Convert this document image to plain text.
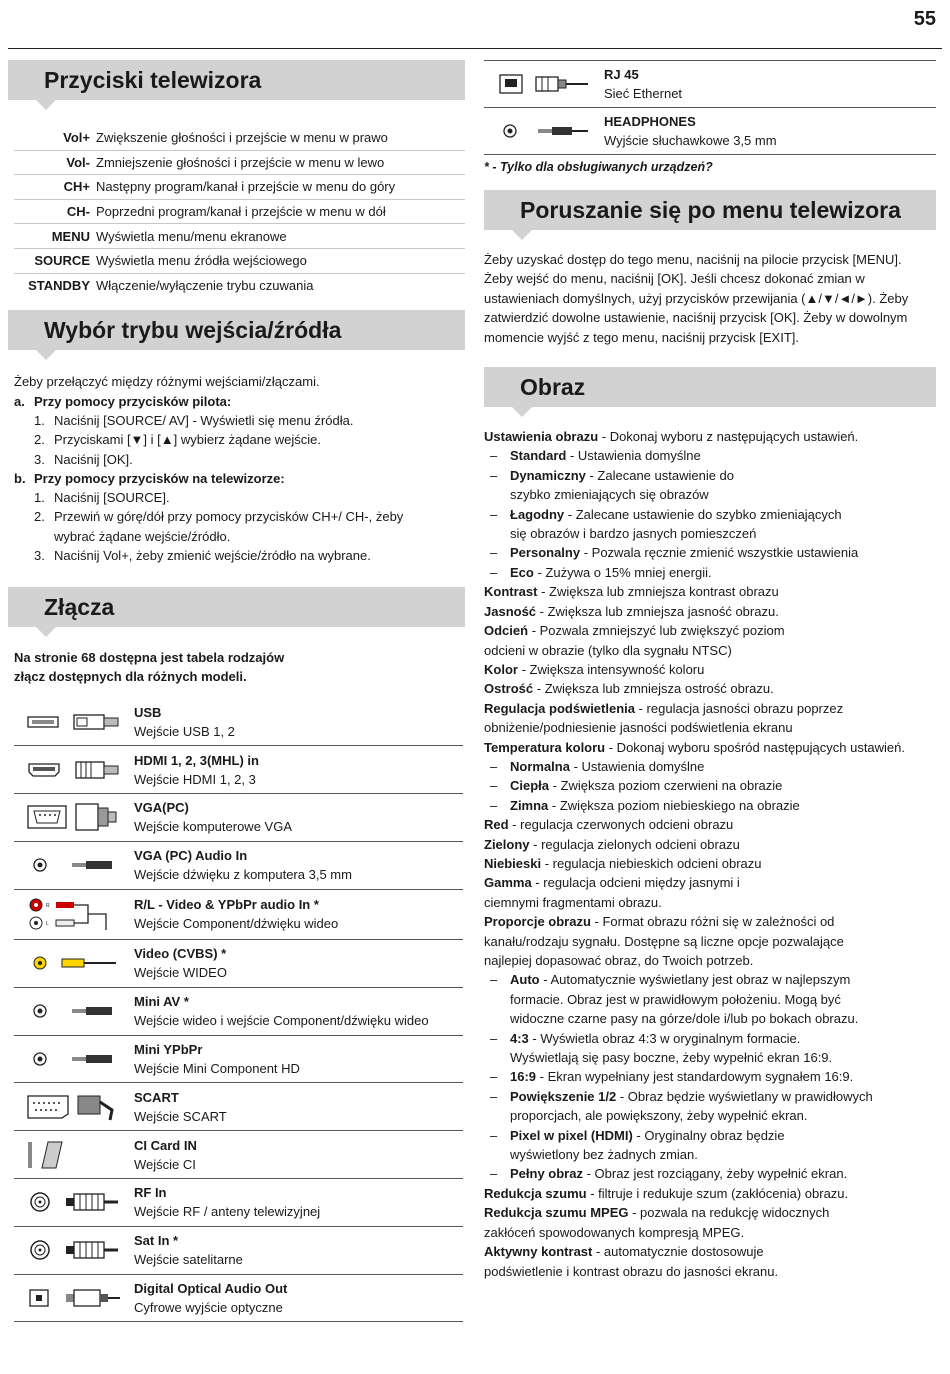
55
Przyciski telewizora
Vol+ Zwiększenie głośności i przejście w menu w prawo
Vol- Zmniejszenie głośności i przejście w menu w lewo
CH+ Następny program/kanał i przejście w menu do góry
CH- Poprzedni program/kanał i przejście w menu w dół
MENU Wyświetla menu/menu ekranowe
SOURCE Wyświetla menu źródła wejściowego
STANDBY Włączenie/wyłączenie trybu czuwania
Wybór trybu wejścia/źródła

Żeby przełączyć między różnymi wejściami/złączami.

a. Przy pomocy przycisków pilota:
1. Naciśnij [SOURCE/ AV] - Wyświetli się menu źródła.
2. Przyciskami [▼] i [▲] wybierz żądane wejście.
3. Naciśnij [OK].
b. Przy pomocy przycisków na telewizorze:
1. Naciśnij [SOURCE].
2. Przewiń w górę/dół przy pomocy przycisków CH+/ CH-, żeby
wybrać żądane wejście/źródło.
3. Naciśnij Vol+, żeby zmienić wejście/źródło na wybrane.
Złącza
Na stronie 68 dostępna jest tabela rodzajów
złącz dostępnych dla różnych modeli.
USB
Wejście USB 1, 2
HDMI 1, 2, 3(MHL) in
Wejście HDMI 1, 2, 3
VGA(PC)
Wejście komputerowe VGA
VGA (PC) Audio In
Wejście dźwięku z komputera 3,5 mm
R
L
R/L - Video & YPbPr audio In *
Wejście Component/dźwięku wideo
Video (CVBS) *
Wejście WIDEO
Mini AV *
Wejście wideo i wejście Component/dźwięku wideo
Mini YPbPr
Wejście Mini Component HD
SCART
Wejście SCART
CI Card IN
Wejście CI
RF In
Wejście RF / anteny telewizyjnej
Sat In *
Wejście satelitarne
Digital Optical Audio Out
Cyfrowe wyjście optyczne
RJ 45
Sieć Ethernet
HEADPHONES
Wyjście słuchawkowe 3,5 mm
* - Tylko dla obsługiwanych urządzeń?
Poruszanie się po menu telewizora
Żeby uzyskać dostęp do tego menu, naciśnij na pilocie przycisk [MENU].
Żeby wejść do menu, naciśnij [OK]. Jeśli chcesz dokonać zmian w
ustawieniach domyślnych, użyj przycisków przewijania (▲/▼/◄/►). Żeby
zatwierdzić dowolne ustawienie, naciśnij przycisk [OK]. Żeby w dowolnym
momencie wyjść z tego menu, naciśnij przycisk [EXIT].
Obraz
Ustawienia obrazu - Dokonaj wyboru z następujących ustawień.
– Standard - Ustawienia domyślne
– Dynamiczny - Zalecane ustawienie do
szybko zmieniających się obrazów
– Łagodny - Zalecane ustawienie do szybko zmieniających
się obrazów i bardzo jasnych pomieszczeń
– Personalny - Pozwala ręcznie zmienić wszystkie ustawienia
– Eco - Zużywa o 15% mniej energii.
Kontrast - Zwiększa lub zmniejsza kontrast obrazu
Jasność - Zwiększa lub zmniejsza jasność obrazu.
Odcień - Pozwala zmniejszyć lub zwiększyć poziom
odcieni w obrazie (tylko dla sygnału NTSC)
Kolor - Zwiększa intensywność koloru
Ostrość - Zwiększa lub zmniejsza ostrość obrazu.
Regulacja podświetlenia - regulacja jasności obrazu poprzez
obniżenie/podniesienie jasności podświetlenia ekranu
Temperatura koloru - Dokonaj wyboru spośród następujących ustawień.
– Normalna - Ustawienia domyślne
– Ciepła - Zwiększa poziom czerwieni na obrazie
– Zimna - Zwiększa poziom niebieskiego na obrazie
Red - regulacja czerwonych odcieni obrazu
Zielony - regulacja zielonych odcieni obrazu
Niebieski - regulacja niebieskich odcieni obrazu
Gamma - regulacja odcieni między jasnymi i
ciemnymi fragmentami obrazu.
Proporcje obrazu - Format obrazu różni się w zależności od
kanału/rodzaju sygnału. Dostępne są liczne opcje pozwalające
najlepiej dopasować obraz, do Twoich potrzeb.
– Auto - Automatycznie wyświetlany jest obraz w najlepszym
formacie. Obraz jest w prawidłowym położeniu. Mogą być
widoczne czarne pasy na górze/dole i/lub po bokach obrazu.
– 4:3 - Wyświetla obraz 4:3 w oryginalnym formacie.
Wyświetlają się pasy boczne, żeby wypełnić ekran 16:9.
– 16:9 - Ekran wypełniany jest standardowym sygnałem 16:9.
– Powiększenie 1/2 - Obraz będzie wyświetlany w prawidłowych
proporcjach, ale powiększony, żeby wypełnić ekran.
– Pixel w pixel (HDMI) - Oryginalny obraz będzie
wyświetlony bez żadnych zmian.
– Pełny obraz - Obraz jest rozciągany, żeby wypełnić ekran.
Redukcja szumu - filtruje i redukuje szum (zakłócenia) obrazu.
Redukcja szumu MPEG - pozwala na redukcję widocznych
zakłóceń spowodowanych kompresją MPEG.
Aktywny kontrast - automatycznie dostosowuje
podświetlenie i kontrast obrazu do jasności ekranu.
